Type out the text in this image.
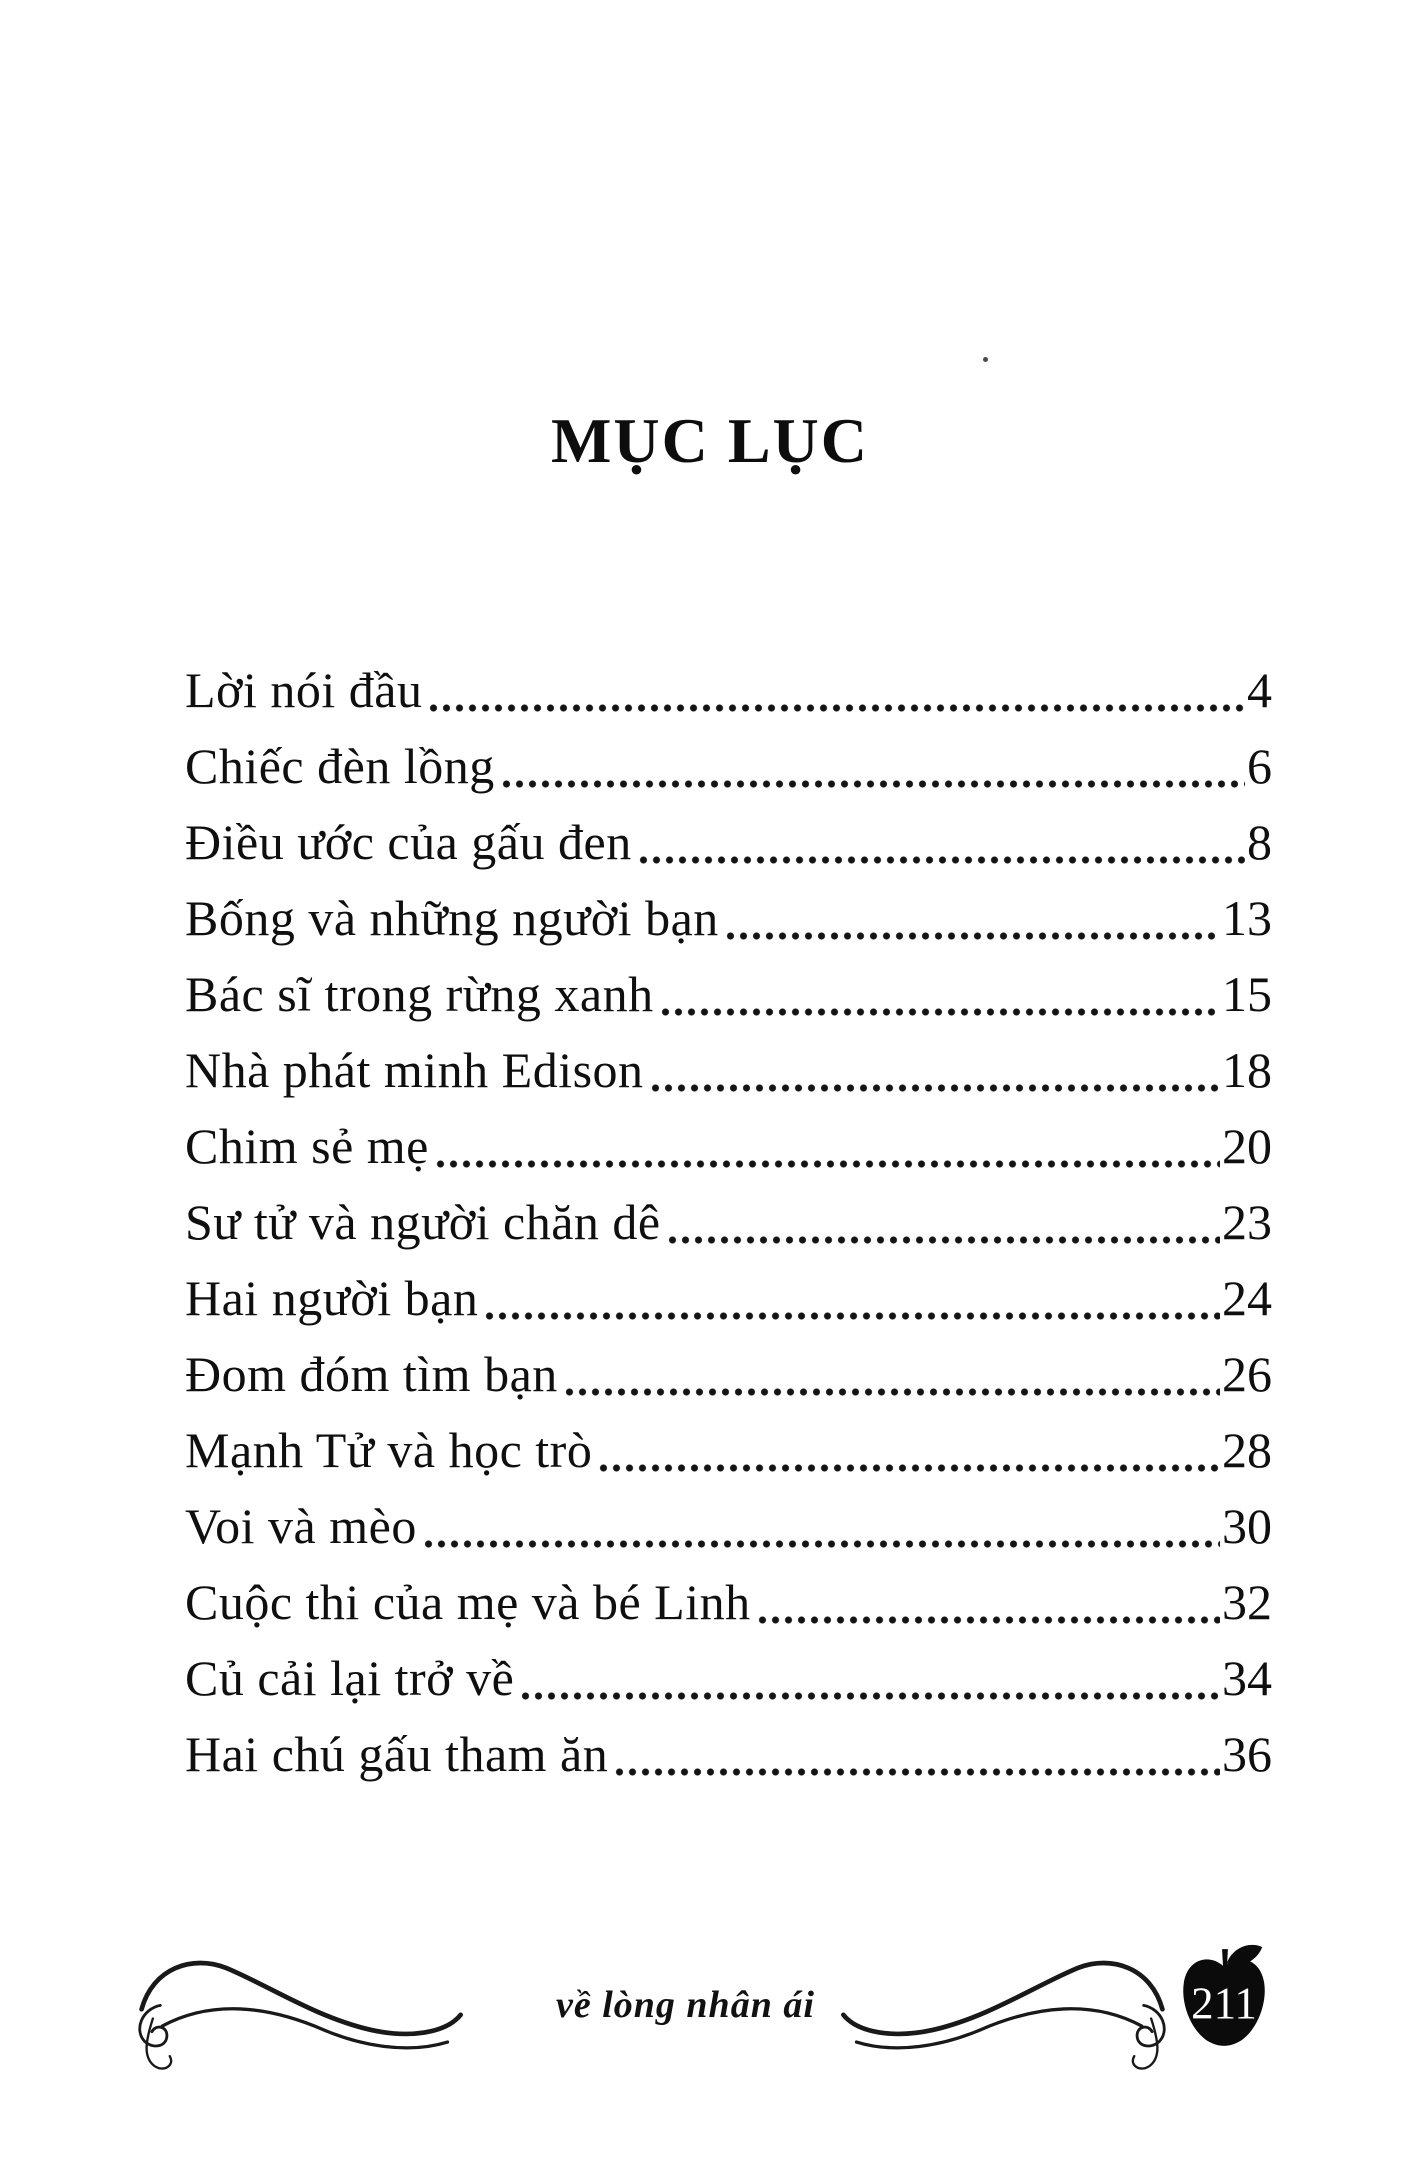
MỤC LỤC
Lời nói đầu	4
Chiếc đèn lồng	6
Điều ước của gấu đen	8
Bống và những người bạn	13
Bác sĩ trong rừng xanh	15
Nhà phát minh Edison	18
Chim sẻ mẹ	20
Sư tử và người chăn dê	23
Hai người bạn	24
Đom đóm tìm bạn	26
Mạnh Tử và học trò	28
Voi và mèo	30
Cuộc thi của mẹ và bé Linh	32
Củ cải lại trở về	34
Hai chú gấu tham ăn	36
về lòng nhân ái	211
